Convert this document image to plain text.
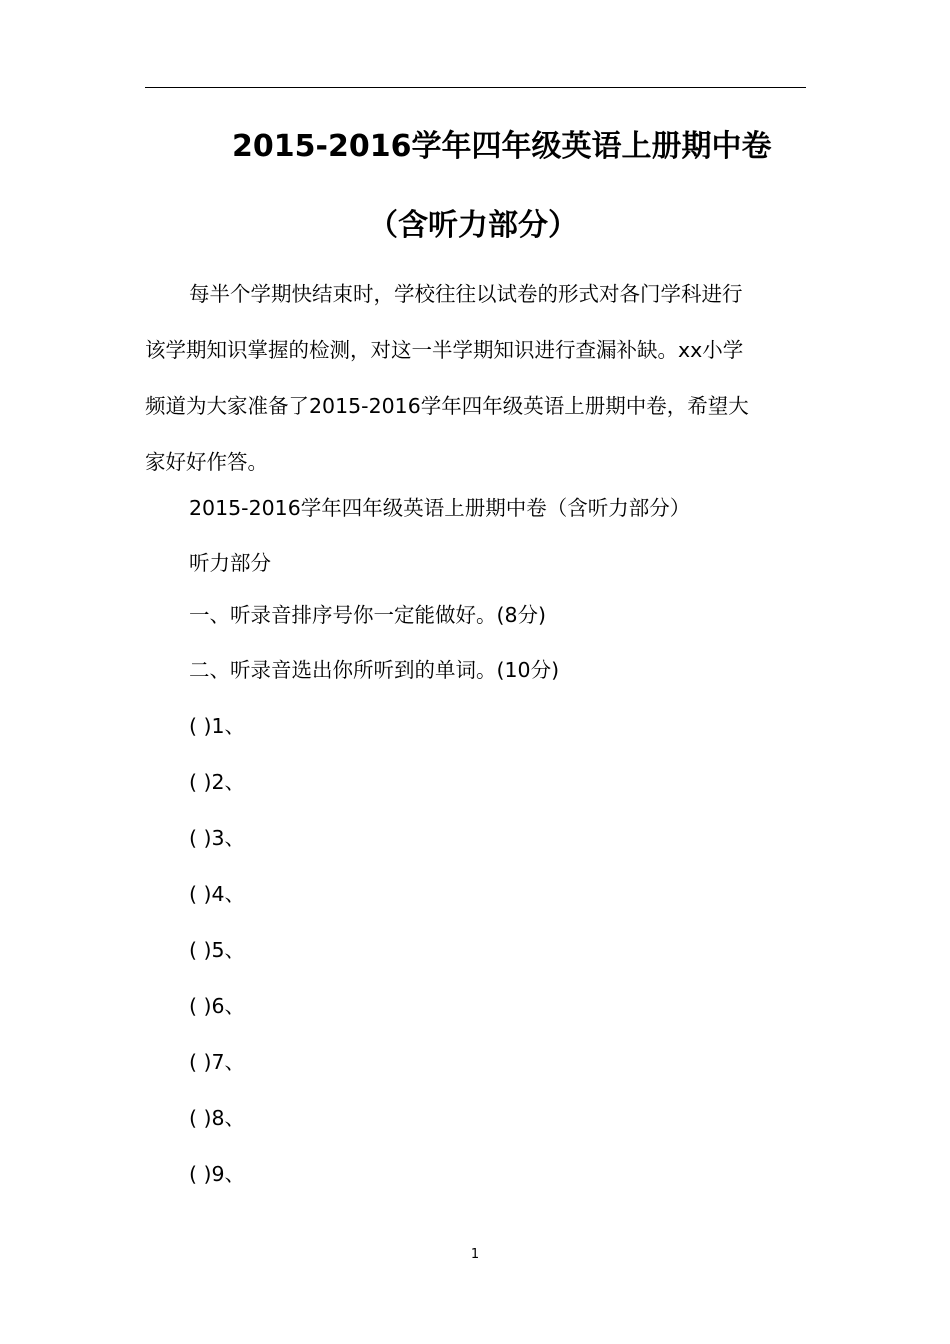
2015-2016学年四年级英语上册期中卷
（含听力部分）
每半个学期快结束时，学校往往以试卷的形式对各门学科进行
该学期知识掌握的检测，对这一半学期知识进行查漏补缺。xx小学
频道为大家准备了2015-2016学年四年级英语上册期中卷，希望大
家好好作答。
2015-2016学年四年级英语上册期中卷（含听力部分）
听力部分
一、听录音排序号你一定能做好。(8分)
二、听录音选出你所听到的单词。(10分)
( )1、
( )2、
( )3、
( )4、
( )5、
( )6、
( )7、
( )8、
( )9、
1
